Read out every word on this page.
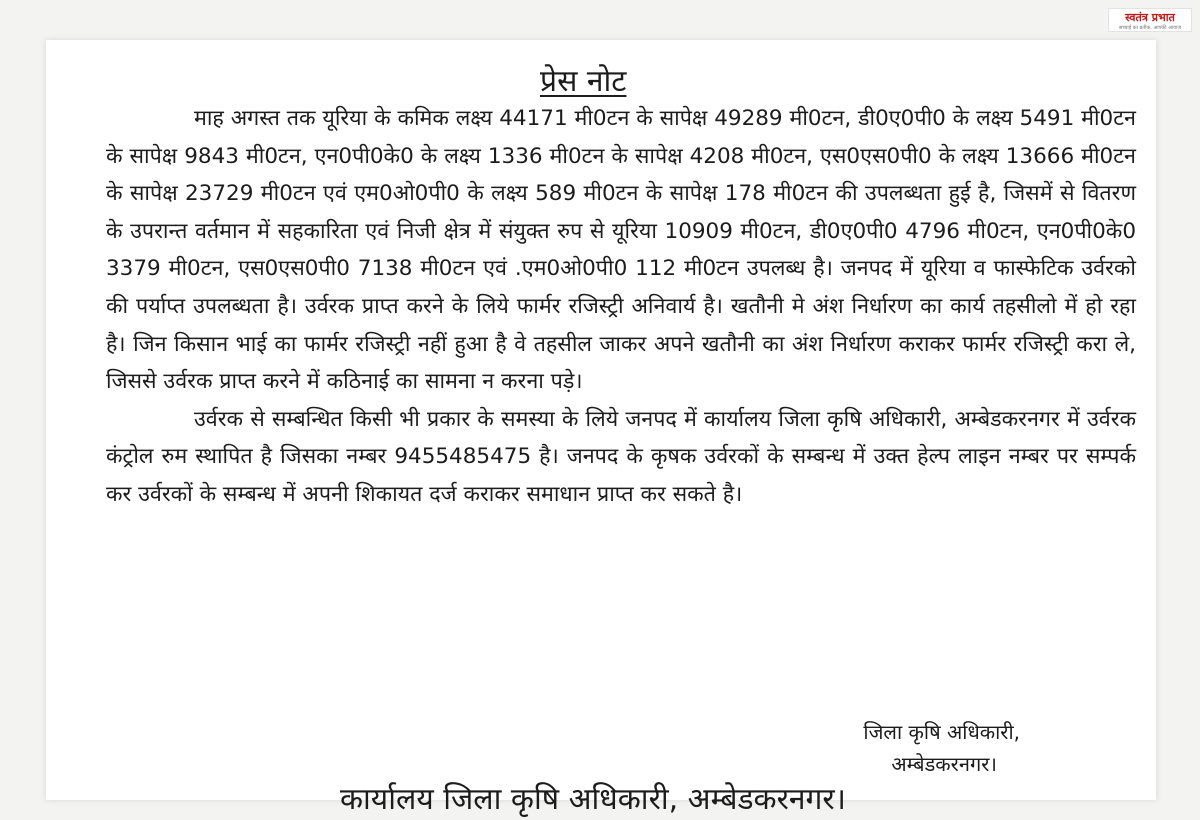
स्वतंत्र प्रभात
सच्चाई का प्रतीक, आपकी आवाज़
प्रेस नोट

माह अगस्त तक यूरिया के कमिक लक्ष्य 44171 मी0टन के सापेक्ष 49289 मी0टन, डी0ए0पी0 के लक्ष्य 5491 मी0टन के सापेक्ष 9843 मी0टन, एन0पी0के0 के लक्ष्य 1336 मी0टन के सापेक्ष 4208 मी0टन, एस0एस0पी0 के लक्ष्य 13666 मी0टन के सापेक्ष 23729 मी0टन एवं एम0ओ0पी0 के लक्ष्य 589 मी0टन के सापेक्ष 178 मी0टन की उपलब्धता हुई है, जिसमें से वितरण के उपरान्त वर्तमान में सहकारिता एवं निजी क्षेत्र में संयुक्त रुप से यूरिया 10909 मी0टन, डी0ए0पी0 4796 मी0टन, एन0पी0के0 3379 मी0टन, एस0एस0पी0 7138 मी0टन एवं .एम0ओ0पी0 112 मी0टन उपलब्ध है। जनपद में यूरिया व फास्फेटिक उर्वरको की पर्याप्त उपलब्धता है। उर्वरक प्राप्त करने के लिये फार्मर रजिस्ट्री अनिवार्य है। खतौनी मे अंश निर्धारण का कार्य तहसीलो में हो रहा है। जिन किसान भाई का फार्मर रजिस्ट्री नहीं हुआ है वे तहसील जाकर अपने खतौनी का अंश निर्धारण कराकर फार्मर रजिस्ट्री करा ले, जिससे उर्वरक प्राप्त करने में कठिनाई का सामना न करना पड़े।

उर्वरक से सम्बन्धित किसी भी प्रकार के समस्या के लिये जनपद में कार्यालय जिला कृषि अधिकारी, अम्बेडकरनगर में उर्वरक कंट्रोल रुम स्थापित है जिसका नम्बर 9455485475 है। जनपद के कृषक उर्वरकों के सम्बन्ध में उक्त हेल्प लाइन नम्बर पर सम्पर्क कर उर्वरकों के सम्बन्ध में अपनी शिकायत दर्ज कराकर समाधान प्राप्त कर सकते है।

जिला कृषि अधिकारी,
अम्बेडकरनगर।
कार्यालय जिला कृषि अधिकारी, अम्बेडकरनगर।
